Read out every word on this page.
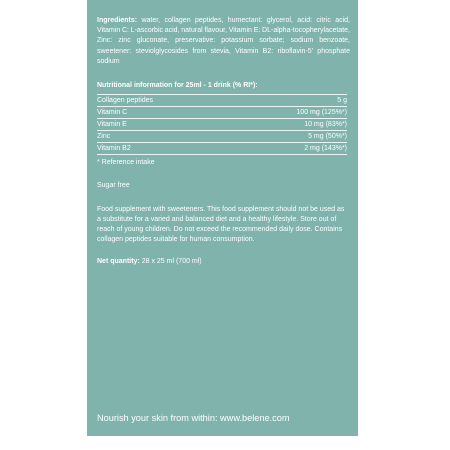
Ingredients: water, collagen peptides, humectant: glycerol, acid: citric acid, Vitamin C: L-ascorbic acid, natural flavour, Vitamin E: DL-alpha-tocopherylacetate, Zinc: zinc gluconate, preservative: potassium sorbate; sodium benzoate, sweetener: steviolglycosides from stevia, Vitamin B2: riboflavin-5' phosphate sodium

Nutritional information for 25ml - 1 drink (% RI*):
Collagen peptides	5 g
Vitamin C	100 mg (125%*)
Vitamin E	10 mg (83%*)
Zinc	5 mg (50%*)
Vitamin B2	2 mg (143%*)

* Reference intake

Sugar free

Food supplement with sweeteners. This food supplement should not be used as a substitute for a varied and balanced diet and a healthy lifestyle. Store out of reach of young children. Do not exceed the recommended daily dose. Contains collagen peptides suitable for human consumption.

Net quantity: 28 x 25 ml (700 ml)

Nourish your skin from within: www.belene.com
